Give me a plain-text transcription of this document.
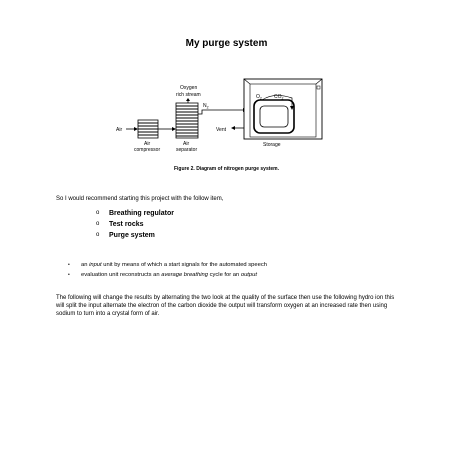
My purge system
Oxygen
rich stream
$N_2$
Air	Vent
$O_2$ $CO_2$
Air
compressor
Air
separator
Storage
Figure 2. Diagram of nitrogen purge system.
So I would recommend starting this project with the follow item,
o Breathing regulator
o Test rocks
o Purge system
• an input unit by means of which a start signals for the automated speech
• evaluation unit reconstructs an average breathing cycle for an output
The following will change the results by alternating the two look at the quality of the surface then use the following hydro ion this will split the input alternate the electron of the carbon dioxide the output will transform oxygen at an increased rate then using sodium to turn into a crystal form of air.
